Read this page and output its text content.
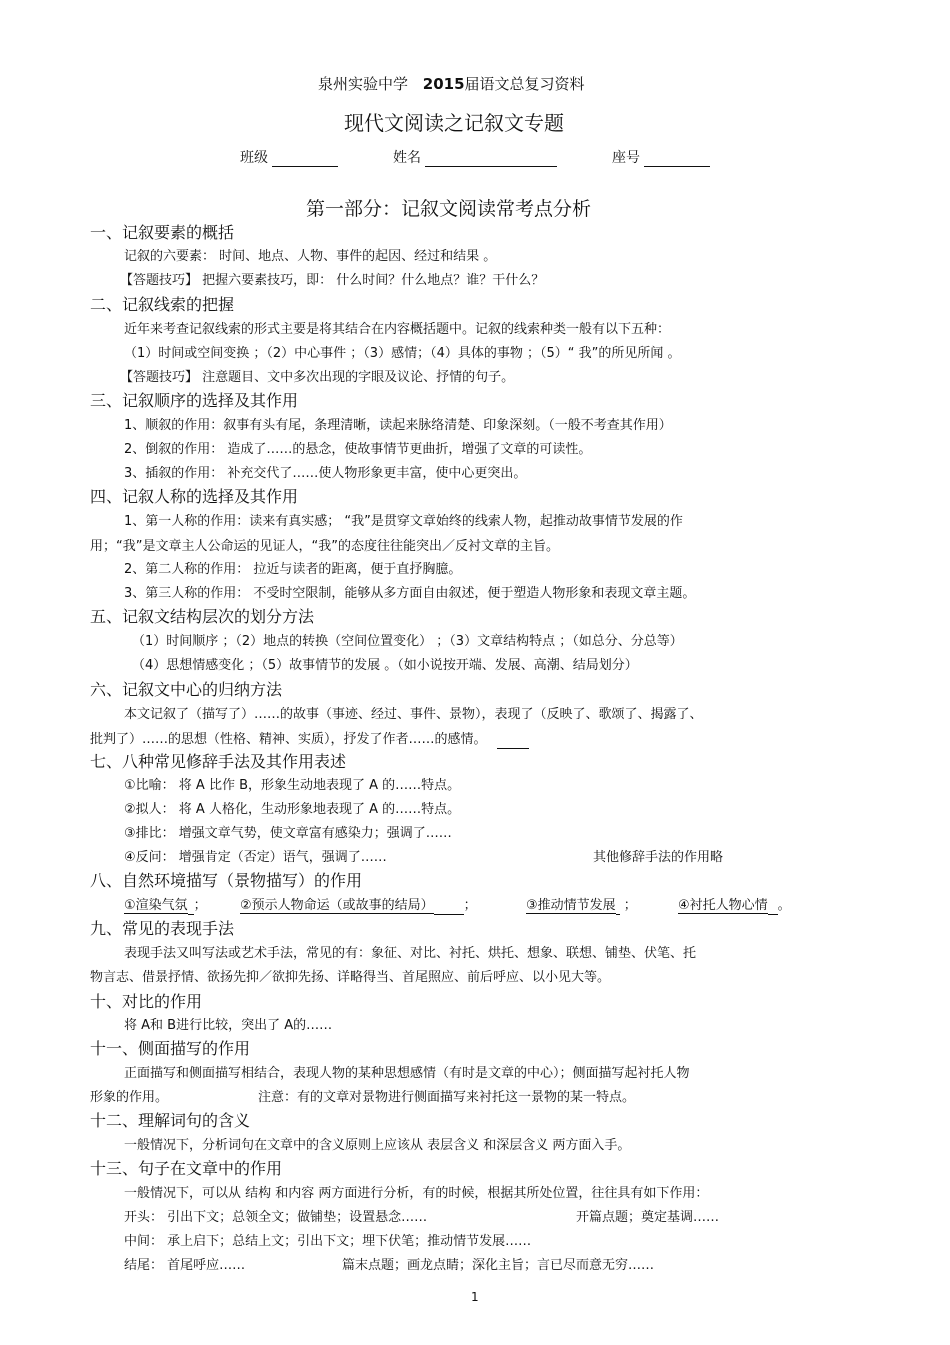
泉州实验中学 2015届语文总复习资料
现代文阅读之记叙文专题
班级	姓名	座号
第一部分：记叙文阅读常考点分析
一、记叙要素的概括
记叙的六要素： 时间、地点、人物、事件的起因、经过和结果 。
【答题技巧】 把握六要素技巧，即： 什么时间？什么地点？谁？干什么？
二、记叙线索的把握
近年来考查记叙线索的形式主要是将其结合在内容概括题中。记叙的线索种类一般有以下五种：
（1）时间或空间变换 ；（2）中心事件 ；（3）感情；（4）具体的事物 ；（5）“ 我”的所见所闻 。
【答题技巧】 注意题目、文中多次出现的字眼及议论、抒情的句子。
三、记叙顺序的选择及其作用
1、顺叙的作用：叙事有头有尾，条理清晰，读起来脉络清楚、印象深刻。（一般不考查其作用）
2、倒叙的作用： 造成了……的悬念，使故事情节更曲折，增强了文章的可读性。
3、插叙的作用： 补充交代了……使人物形象更丰富，使中心更突出。
四、记叙人称的选择及其作用
1、第一人称的作用：读来有真实感； “我”是贯穿文章始终的线索人物，起推动故事情节发展的作
用；“我”是文章主人公命运的见证人，“我”的态度往往能突出／反衬文章的主旨。
2、第二人称的作用： 拉近与读者的距离，便于直抒胸臆。
3、第三人称的作用： 不受时空限制，能够从多方面自由叙述，便于塑造人物形象和表现文章主题。
五、记叙文结构层次的划分方法
（1）时间顺序 ；（2）地点的转换（空间位置变化） ；（3）文章结构特点 ；（如总分、分总等）
（4）思想情感变化 ；（5）故事情节的发展 。（如小说按开端、发展、高潮、结局划分）
六、记叙文中心的归纳方法
本文记叙了（描写了）……的故事（事迹、经过、事件、景物），表现了（反映了、歌颂了、揭露了、
批判了）……的思想（性格、精神、实质），抒发了作者……的感情。
七、八种常见修辞手法及其作用表述
①比喻： 将 A 比作 B，形象生动地表现了 A 的……特点。
②拟人： 将 A 人格化，生动形象地表现了 A 的……特点。
③排比： 增强文章气势，使文章富有感染力；强调了……
④反问： 增强肯定（否定）语气，强调了……	其他修辞手法的作用略
八、自然环境描写（景物描写）的作用
①渲染气氛 ；	②预示人物命运（或故事的结局） ；	③推动情节发展 ；	④衬托人物心情 。
九、常见的表现手法
表现手法又叫写法或艺术手法，常见的有：象征、对比、衬托、烘托、想象、联想、铺垫、伏笔、托
物言志、借景抒情、欲扬先抑／欲抑先扬、详略得当、首尾照应、前后呼应、以小见大等。
十、对比的作用
将 A和 B进行比较，突出了 A的……
十一、侧面描写的作用
正面描写和侧面描写相结合，表现人物的某种思想感情（有时是文章的中心）；侧面描写起衬托人物
形象的作用。	注意：有的文章对景物进行侧面描写来衬托这一景物的某一特点。
十二、理解词句的含义
一般情况下，分析词句在文章中的含义原则上应该从 表层含义 和深层含义 两方面入手。
十三、句子在文章中的作用
一般情况下，可以从 结构 和内容 两方面进行分析，有的时候，根据其所处位置，往往具有如下作用：
开头： 引出下文；总领全文；做铺垫；设置悬念……	开篇点题；奠定基调……
中间： 承上启下；总结上文；引出下文；埋下伏笔；推动情节发展……
结尾： 首尾呼应……	篇末点题；画龙点睛；深化主旨；言已尽而意无穷……
1
